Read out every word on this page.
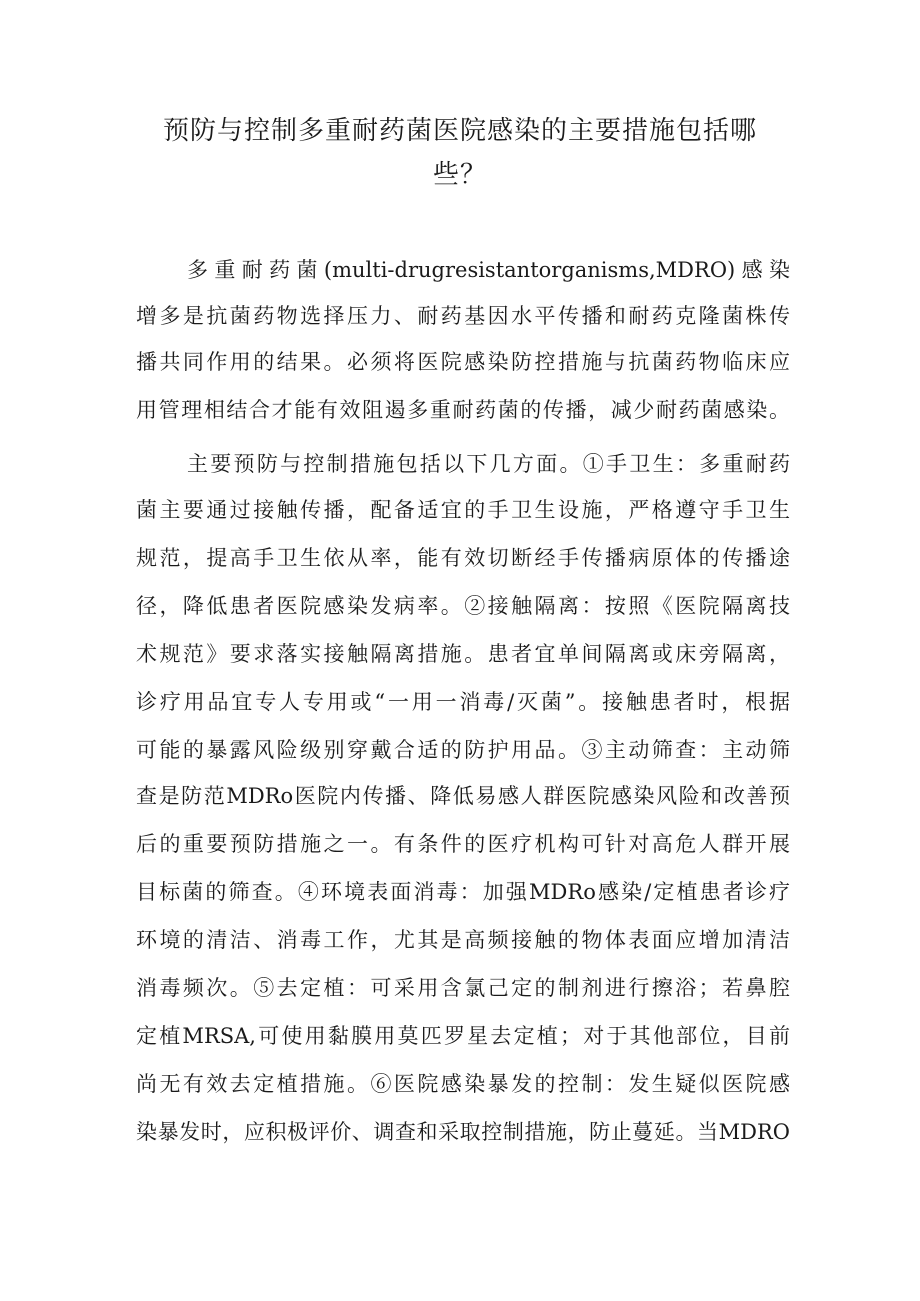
预防与控制多重耐药菌医院感染的主要措施包括哪
些？
多重耐药菌(multi-drugresistantorganisms,MDRO)感染
增多是抗菌药物选择压力、耐药基因水平传播和耐药克隆菌株传
播共同作用的结果。必须将医院感染防控措施与抗菌药物临床应
用管理相结合才能有效阻遏多重耐药菌的传播，减少耐药菌感染。
主要预防与控制措施包括以下几方面。①手卫生：多重耐药
菌主要通过接触传播，配备适宜的手卫生设施，严格遵守手卫生
规范，提高手卫生依从率，能有效切断经手传播病原体的传播途
径，降低患者医院感染发病率。②接触隔离：按照《医院隔离技
术规范》要求落实接触隔离措施。患者宜单间隔离或床旁隔离，
诊疗用品宜专人专用或“一用一消毒/灭菌”。接触患者时，根据
可能的暴露风险级别穿戴合适的防护用品。③主动筛查：主动筛
查是防范MDRo医院内传播、降低易感人群医院感染风险和改善预
后的重要预防措施之一。有条件的医疗机构可针对高危人群开展
目标菌的筛查。④环境表面消毒：加强MDRo感染/定植患者诊疗
环境的清洁、消毒工作，尤其是高频接触的物体表面应增加清洁
消毒频次。⑤去定植：可采用含氯己定的制剂进行擦浴；若鼻腔
定植MRSA,可使用黏膜用莫匹罗星去定植；对于其他部位，目前
尚无有效去定植措施。⑥医院感染暴发的控制：发生疑似医院感
染暴发时，应积极评价、调查和采取控制措施，防止蔓延。当MDRO
